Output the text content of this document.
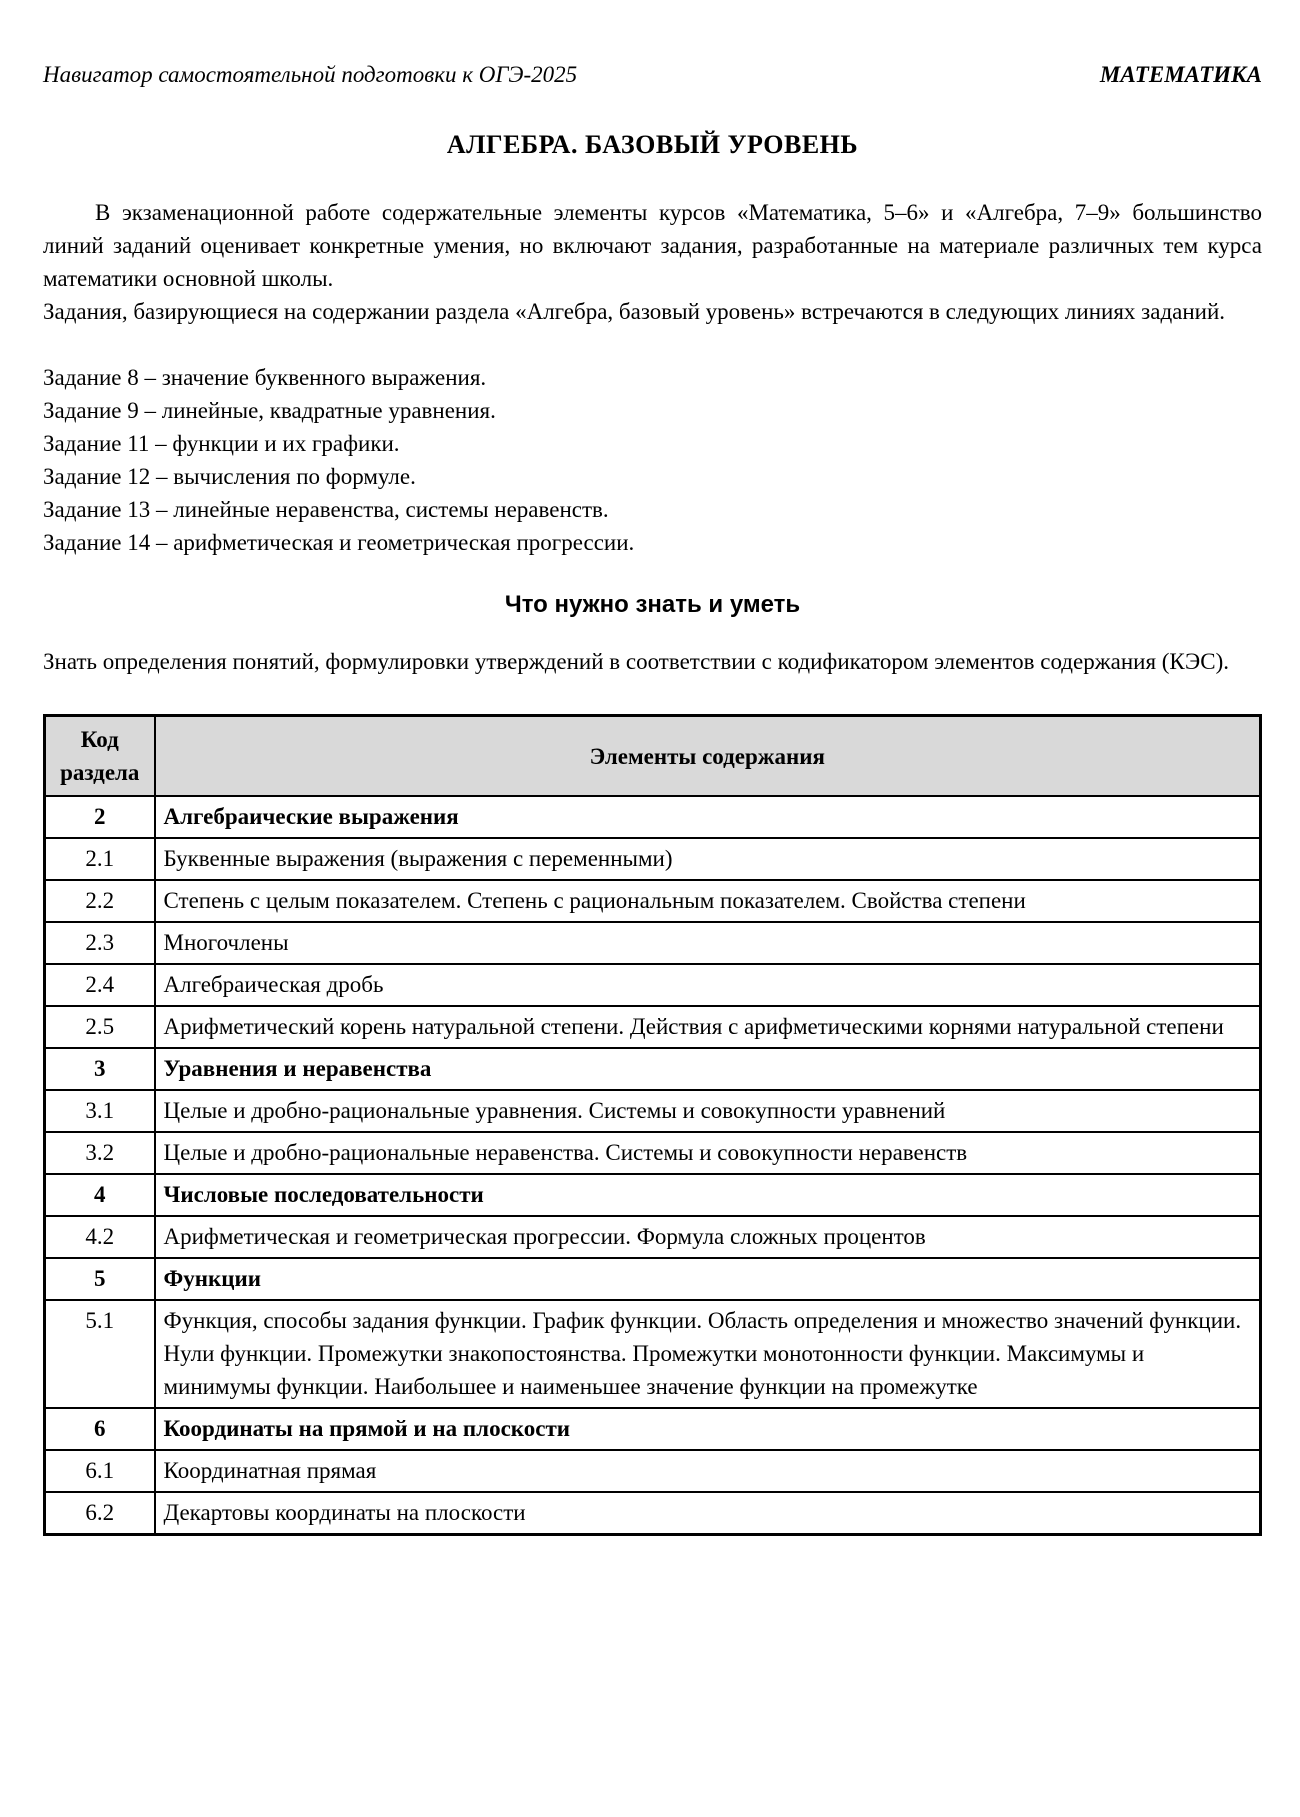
Навигатор самостоятельной подготовки к ОГЭ-2025	МАТЕМАТИКА
АЛГЕБРА. БАЗОВЫЙ УРОВЕНЬ

В экзаменационной работе содержательные элементы курсов «Математика, 5–6» и «Алгебра, 7–9» большинство линий заданий оценивает конкретные умения, но включают задания, разработанные на материале различных тем курса математики основной школы.

Задания, базирующиеся на содержании раздела «Алгебра, базовый уровень» встречаются в следующих линиях заданий.

Задание 8 – значение буквенного выражения.
Задание 9 – линейные, квадратные уравнения.
Задание 11 – функции и их графики.
Задание 12 – вычисления по формуле.
Задание 13 – линейные неравенства, системы неравенств.
Задание 14 – арифметическая и геометрическая прогрессии.
Что нужно знать и уметь

Знать определения понятий, формулировки утверждений в соответствии с кодификатором элементов содержания (КЭС).

Код раздела	Элементы содержания
2	Алгебраические выражения
2.1	Буквенные выражения (выражения с переменными)
2.2	Степень с целым показателем. Степень с рациональным показателем. Свойства степени
2.3	Многочлены
2.4	Алгебраическая дробь
2.5	Арифметический корень натуральной степени. Действия с арифметическими корнями натуральной степени
3	Уравнения и неравенства
3.1	Целые и дробно-рациональные уравнения. Системы и совокупности уравнений
3.2	Целые и дробно-рациональные неравенства. Системы и совокупности неравенств
4	Числовые последовательности
4.2	Арифметическая и геометрическая прогрессии. Формула сложных процентов
5	Функции
5.1	Функция, способы задания функции. График функции. Область определения и множество значений функции. Нули функции. Промежутки знакопостоянства. Промежутки монотонности функции. Максимумы и минимумы функции. Наибольшее и наименьшее значение функции на промежутке
6	Координаты на прямой и на плоскости
6.1	Координатная прямая
6.2	Декартовы координаты на плоскости
